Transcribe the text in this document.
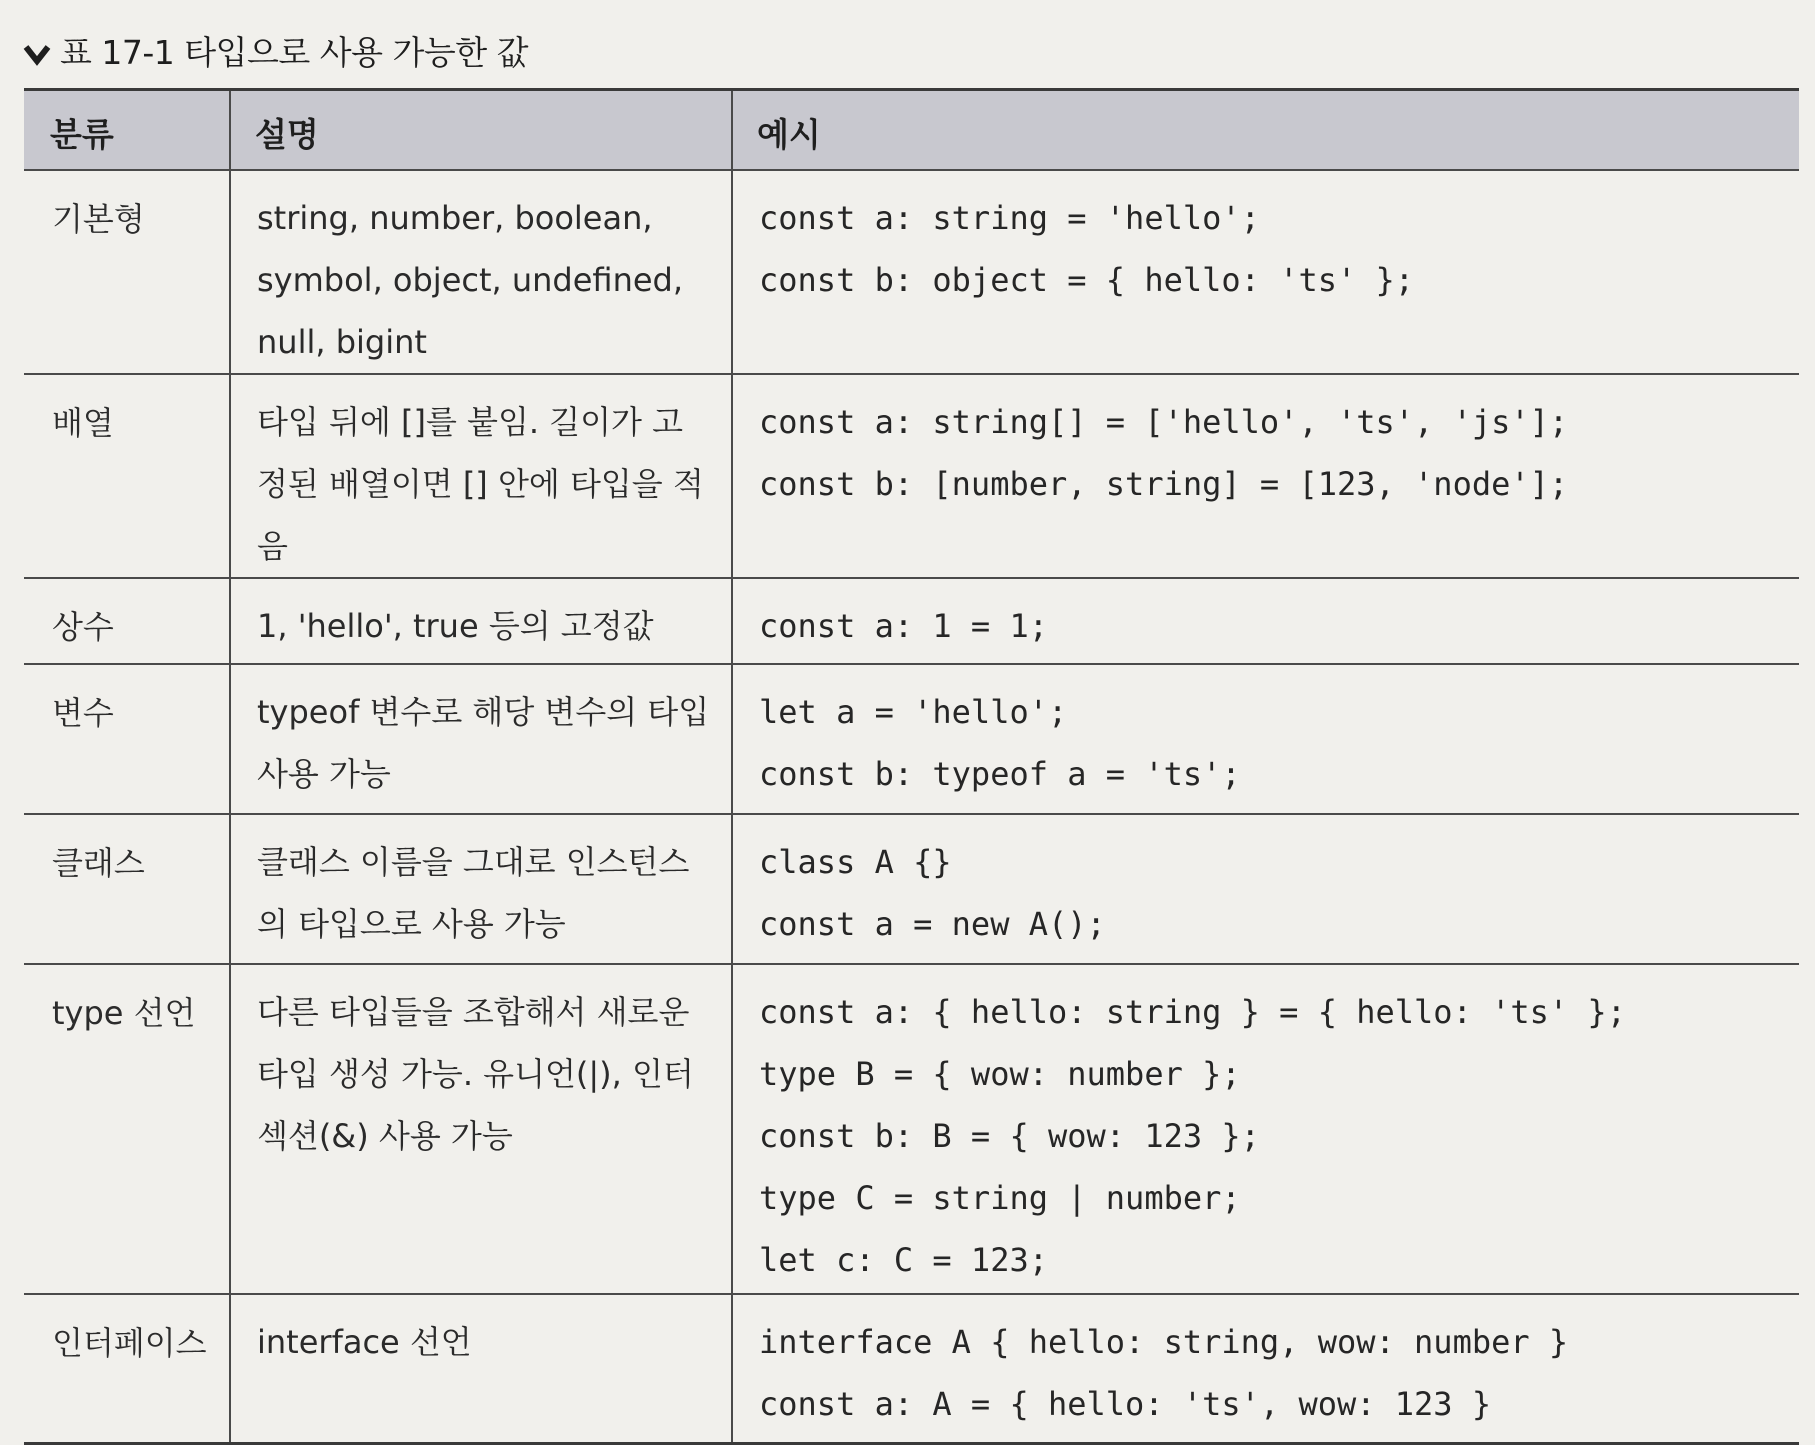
표 17-1 타입으로 사용 가능한 값
분류	설명	예시
기본형	string, number, boolean, symbol, object, undefined, null, bigint	const a: string = 'hello';
const b: object = { hello: 'ts' };

배열	타입 뒤에 []를 붙임. 길이가 고정된 배열이면 [] 안에 타입을 적음	const a: string[] = ['hello', 'ts', 'js'];
const b: [number, string] = [123, 'node'];

상수	1, 'hello', true 등의 고정값	const a: 1 = 1;

변수	typeof 변수로 해당 변수의 타입 사용 가능	let a = 'hello';
const b: typeof a = 'ts';

클래스	클래스 이름을 그대로 인스턴스의 타입으로 사용 가능	class A {}
const a = new A();

type 선언	다른 타입들을 조합해서 새로운 타입 생성 가능. 유니언(|), 인터섹션(&) 사용 가능	const a: { hello: string } = { hello: 'ts' };
type B = { wow: number };
const b: B = { wow: 123 };
type C = string | number;
let c: C = 123;

인터페이스	interface 선언	interface A { hello: string, wow: number }
const a: A = { hello: 'ts', wow: 123 }
